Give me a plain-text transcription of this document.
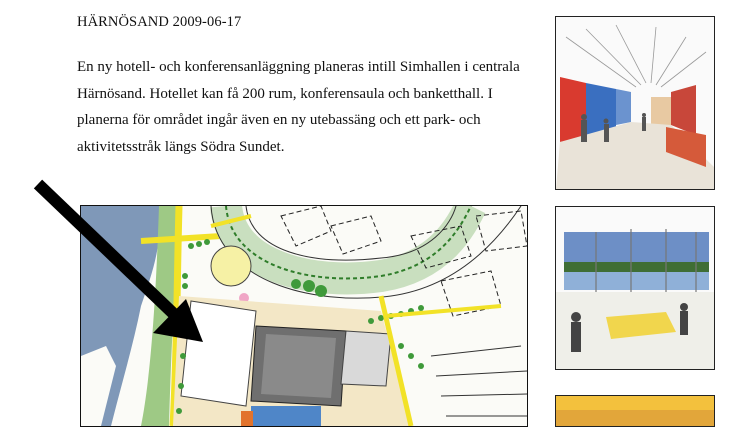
HÄRNÖSAND 2009-06-17
En ny hotell- och konferensanläggning planeras intill Simhallen i centrala Härnösand. Hotellet kan få 200 rum, konferensaula och banketthall. I planerna för området ingår även en ny utebassäng och ett park- och aktivitetsstråk längs Södra Sundet.
